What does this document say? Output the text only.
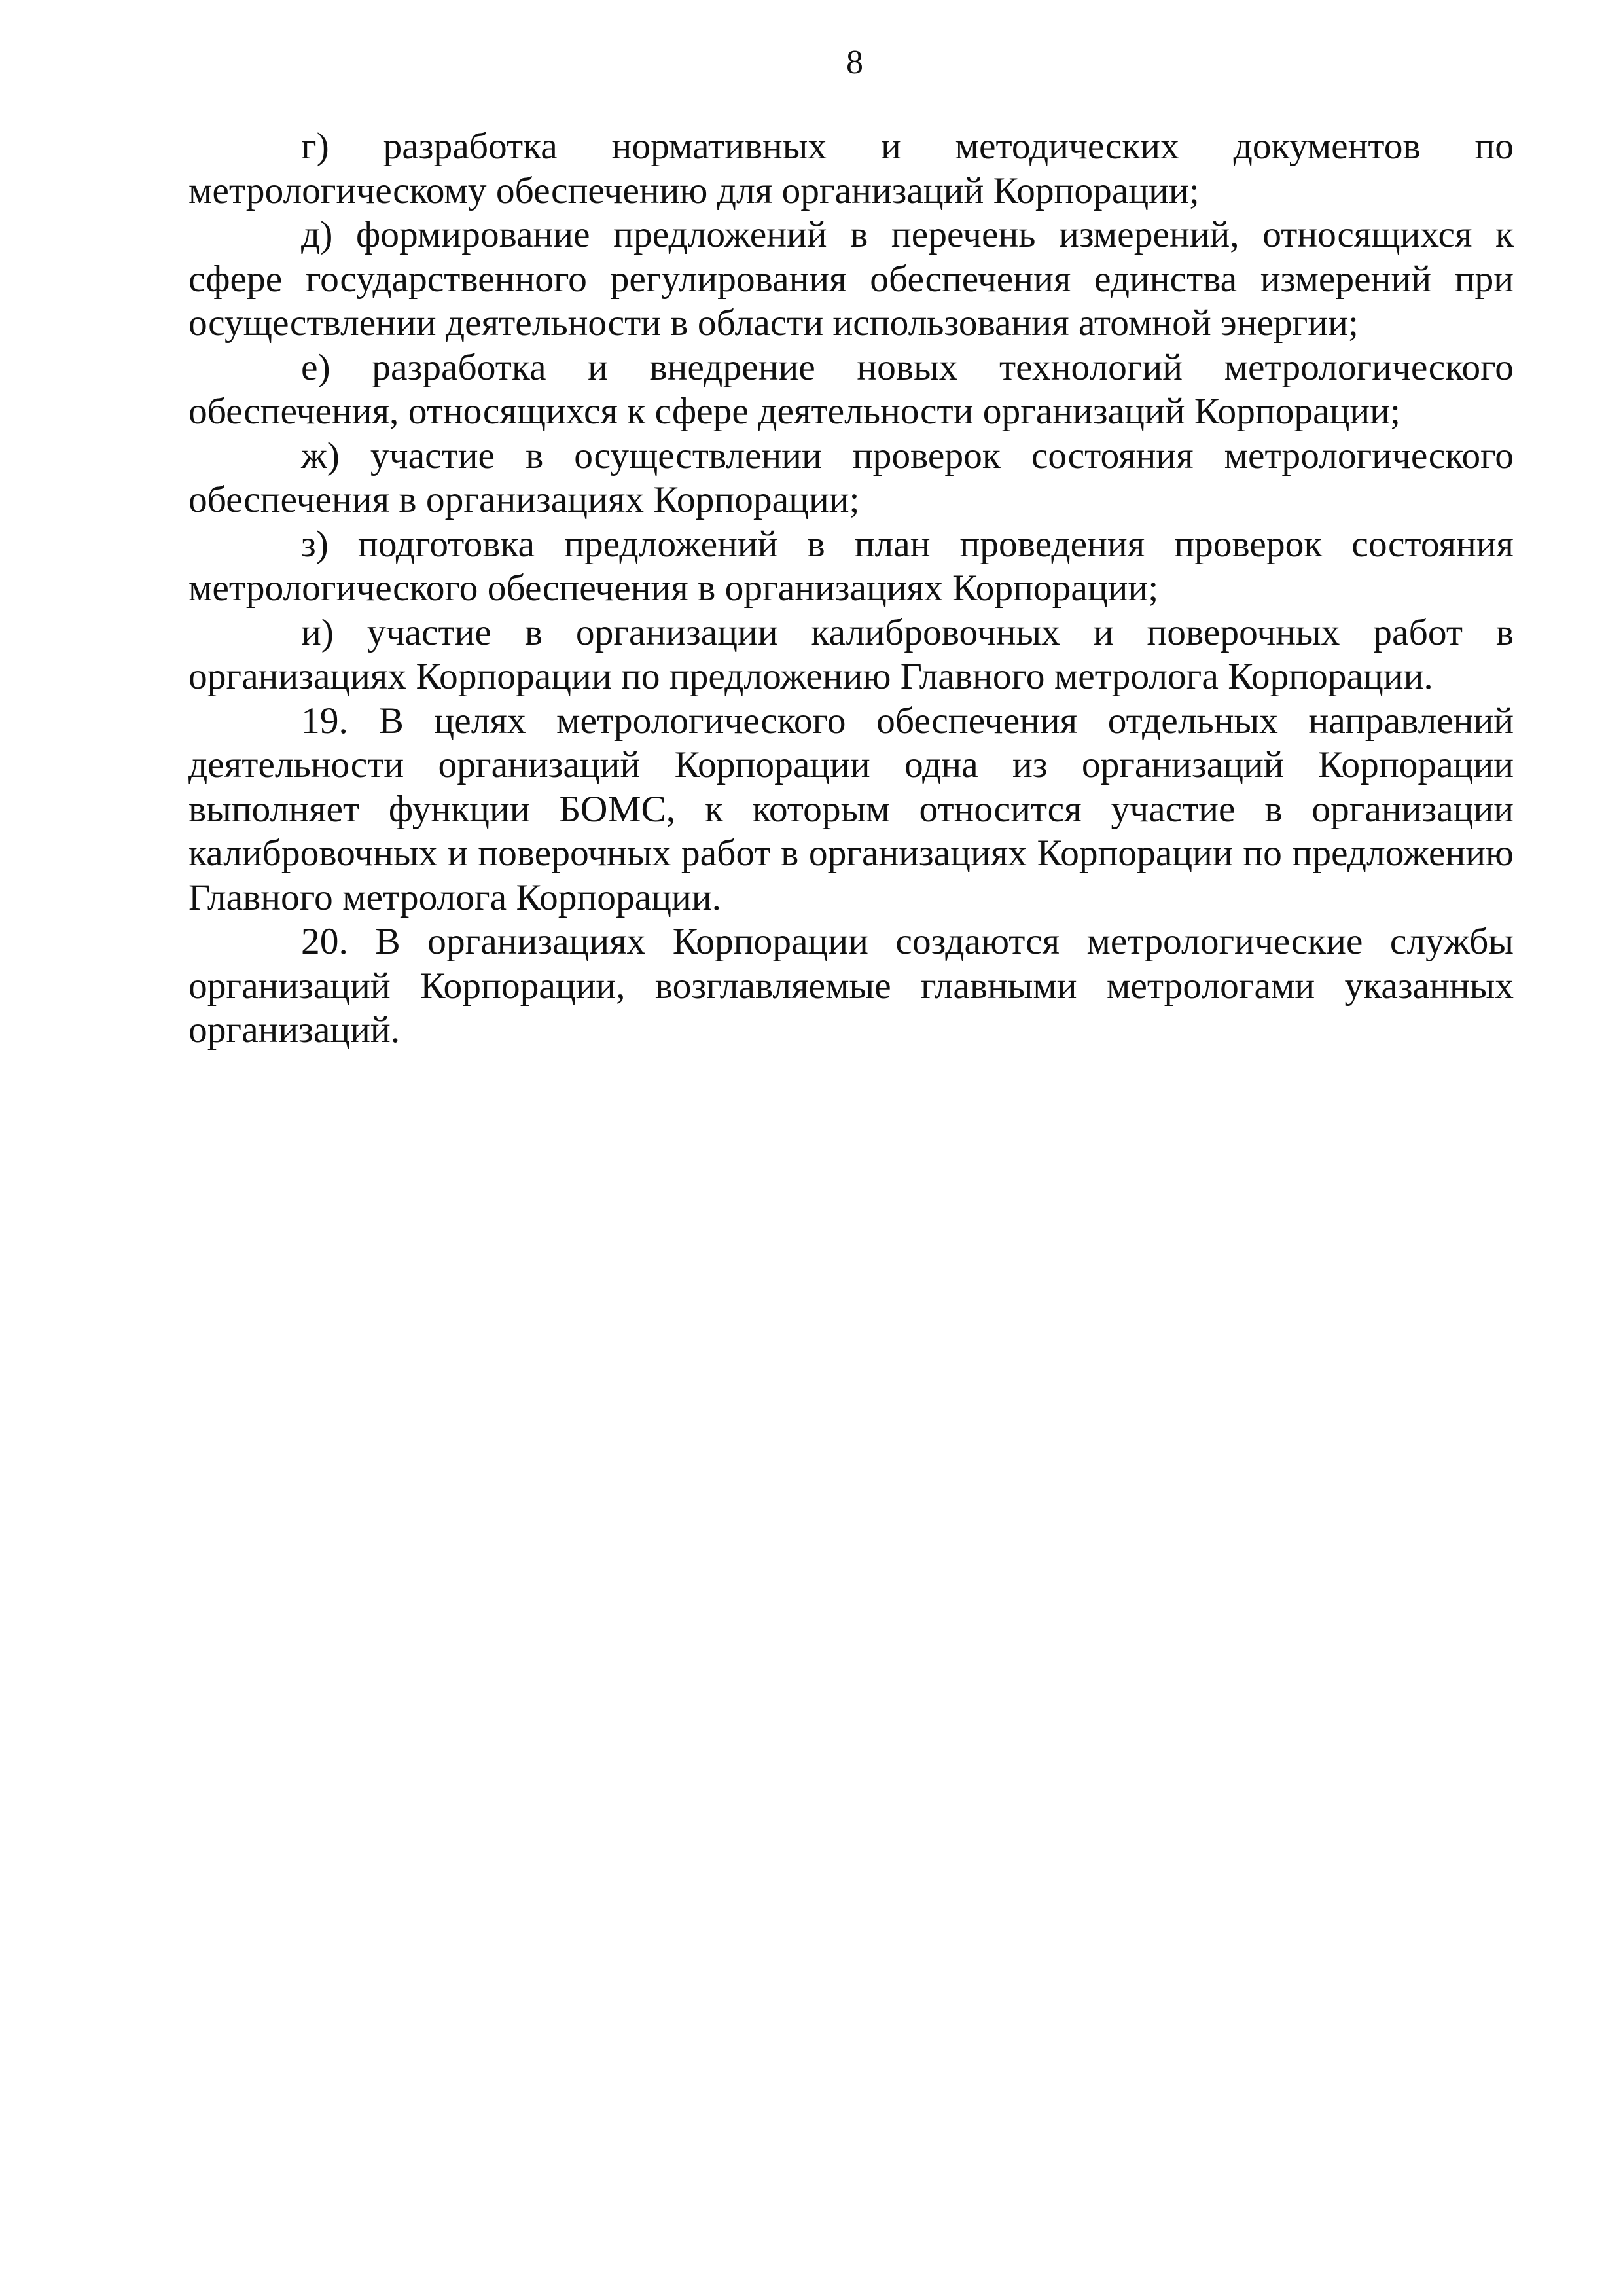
8

г) разработка нормативных и методических документов по метрологическому обеспечению для организаций Корпорации;

д) формирование предложений в перечень измерений, относящихся к сфере государственного регулирования обеспечения единства измерений при осуществлении деятельности в области использования атомной энергии;

е) разработка и внедрение новых технологий метрологического обеспечения, относящихся к сфере деятельности организаций Корпорации;

ж) участие в осуществлении проверок состояния метрологического обеспечения в организациях Корпорации;

з) подготовка предложений в план проведения проверок состояния метрологического обеспечения в организациях Корпорации;

и) участие в организации калибровочных и поверочных работ в организациях Корпорации по предложению Главного метролога Корпорации.

19. В целях метрологического обеспечения отдельных направлений деятельности организаций Корпорации одна из организаций Корпорации выполняет функции БОМС, к которым относится участие в организации калибровочных и поверочных работ в организациях Корпорации по предложению Главного метролога Корпорации.

20. В организациях Корпорации создаются метрологические службы организаций Корпорации, возглавляемые главными метрологами указанных организаций.
